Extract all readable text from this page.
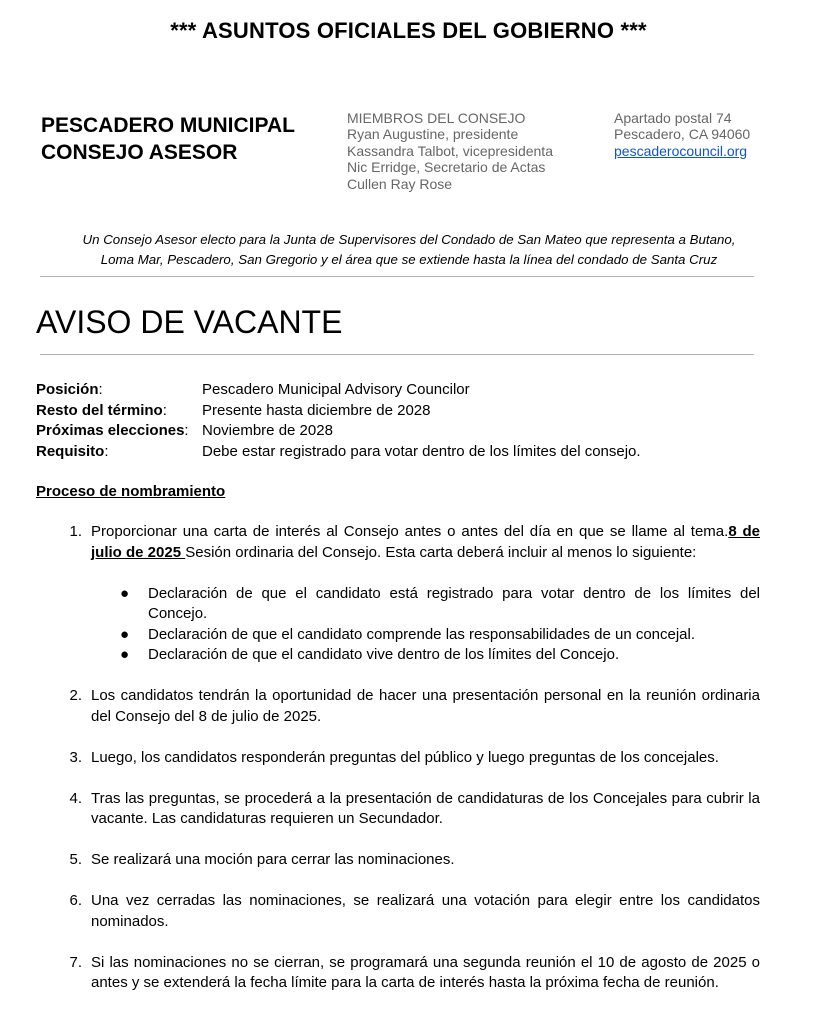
*** ASUNTOS OFICIALES DEL GOBIERNO ***
PESCADERO MUNICIPAL
CONSEJO ASESOR
MIEMBROS DEL CONSEJO
Ryan Augustine, presidente
Kassandra Talbot, vicepresidenta
Nic Erridge, Secretario de Actas
Cullen Ray Rose
Apartado postal 74
Pescadero, CA 94060
pescaderocouncil.org
Un Consejo Asesor electo para la Junta de Supervisores del Condado de San Mateo que representa a Butano,
Loma Mar, Pescadero, San Gregorio y el área que se extiende hasta la línea del condado de Santa Cruz
AVISO DE VACANTE
Posición:	Pescadero Municipal Advisory Councilor
Resto del término:	Presente hasta diciembre de 2028
Próximas elecciones: Noviembre de 2028
Requisito:	Debe estar registrado para votar dentro de los límites del consejo.
Proceso de nombramiento
1. Proporcionar una carta de interés al Consejo antes o antes del día en que se llame al tema.8 de julio de 2025 Sesión ordinaria del Consejo. Esta carta deberá incluir al menos lo siguiente:
●	Declaración de que el candidato está registrado para votar dentro de los límites del Concejo.
●	Declaración de que el candidato comprende las responsabilidades de un concejal.
●	Declaración de que el candidato vive dentro de los límites del Concejo.
2. Los candidatos tendrán la oportunidad de hacer una presentación personal en la reunión ordinaria del Consejo del 8 de julio de 2025.
3. Luego, los candidatos responderán preguntas del público y luego preguntas de los concejales.
4. Tras las preguntas, se procederá a la presentación de candidaturas de los Concejales para cubrir la vacante. Las candidaturas requieren un Secundador.
5. Se realizará una moción para cerrar las nominaciones.
6. Una vez cerradas las nominaciones, se realizará una votación para elegir entre los candidatos nominados.
7. Si las nominaciones no se cierran, se programará una segunda reunión el 10 de agosto de 2025 o antes y se extenderá la fecha límite para la carta de interés hasta la próxima fecha de reunión.
